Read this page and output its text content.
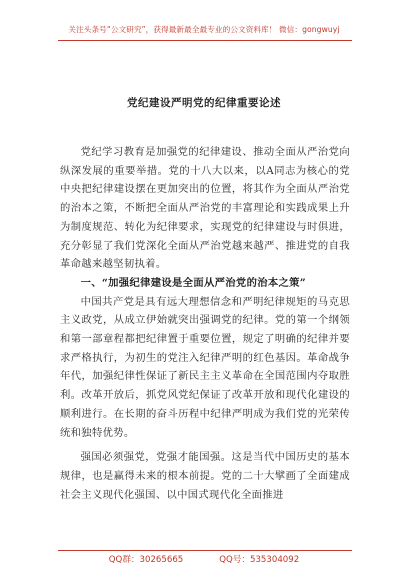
关注头条号“公文研究”，获得最新最全最专业的公文资料库！ 微信：gongwuyj
党纪建设严明党的纪律重要论述

党纪学习教育是加强党的纪律建设、推动全面从严治党向纵深发展的重要举措。党的十八大以来，以A同志为核心的党中央把纪律建设摆在更加突出的位置，将其作为全面从严治党的治本之策，不断把全面从严治党的丰富理论和实践成果上升为制度规范、转化为纪律要求，实现党的纪律建设与时俱进，充分彰显了我们党深化全面从严治党越来越严、推进党的自我革命越来越坚韧执着。

一、“加强纪律建设是全面从严治党的治本之策”

中国共产党是具有远大理想信念和严明纪律规矩的马克思主义政党，从成立伊始就突出强调党的纪律。党的第一个纲领和第一部章程都把纪律置于重要位置，规定了明确的纪律并要求严格执行，为初生的党注入纪律严明的红色基因。革命战争年代，加强纪律性保证了新民主主义革命在全国范围内夺取胜利。改革开放后，抓党风党纪保证了改革开放和现代化建设的顺利进行。在长期的奋斗历程中纪律严明成为我们党的光荣传统和独特优势。

强国必须强党，党强才能国强。这是当代中国历史的基本规律，也是赢得未来的根本前提。党的二十大擘画了全面建成社会主义现代化强国、以中国式现代化全面推进

QQ群：30265665	QQ号：535304092
